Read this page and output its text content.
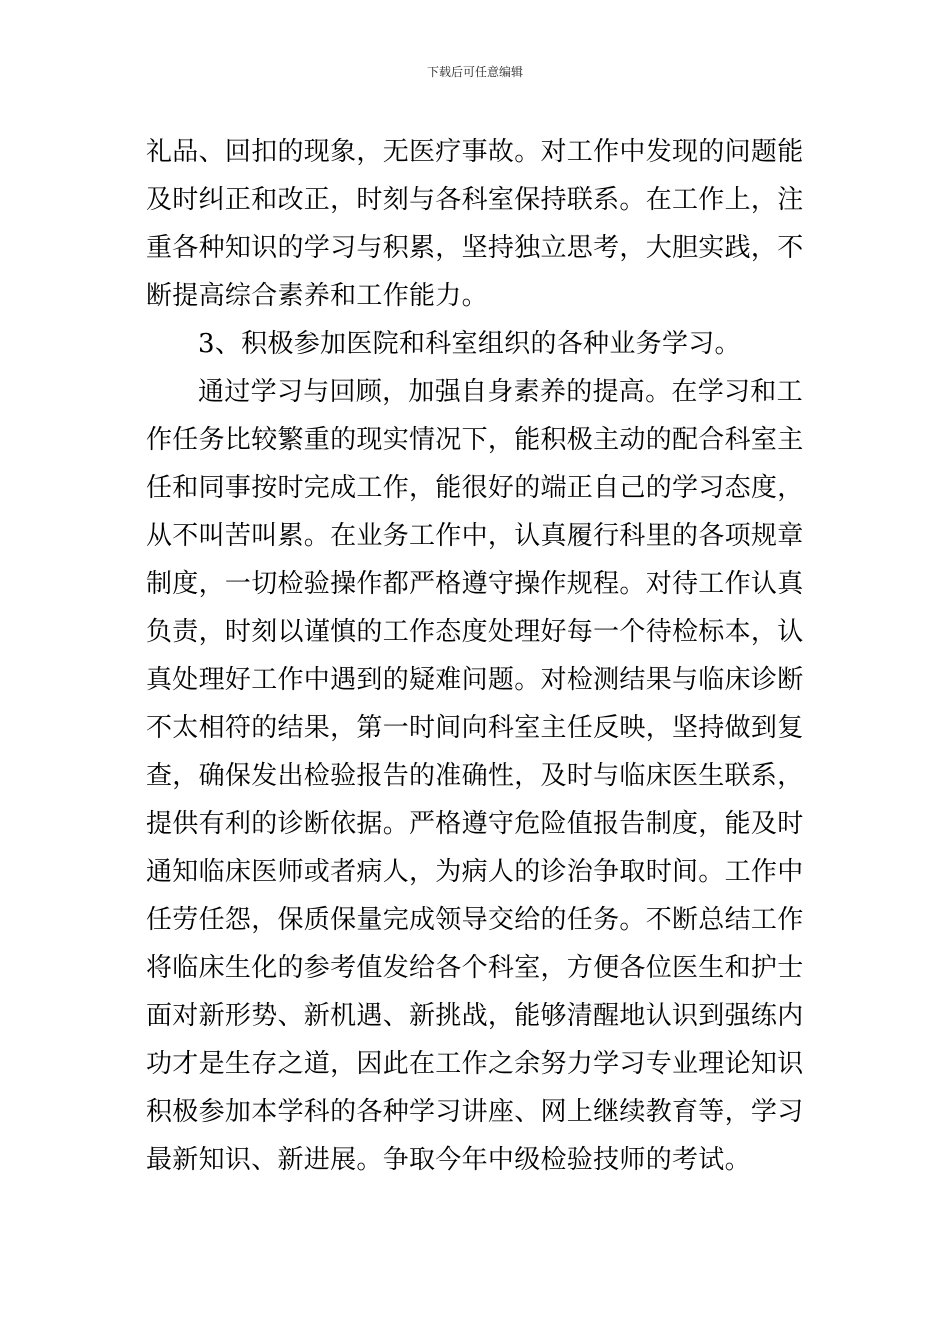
下载后可任意编辑
礼品、回扣的现象，无医疗事故。对工作中发现的问题能
及时纠正和改正，时刻与各科室保持联系。在工作上，注
重各种知识的学习与积累，坚持独立思考，大胆实践，不
断提高综合素养和工作能力。
3、积极参加医院和科室组织的各种业务学习。
通过学习与回顾，加强自身素养的提高。在学习和工
作任务比较繁重的现实情况下，能积极主动的配合科室主
任和同事按时完成工作，能很好的端正自己的学习态度，
从不叫苦叫累。在业务工作中，认真履行科里的各项规章
制度，一切检验操作都严格遵守操作规程。对待工作认真
负责，时刻以谨慎的工作态度处理好每一个待检标本，认
真处理好工作中遇到的疑难问题。对检测结果与临床诊断
不太相符的结果，第一时间向科室主任反映，坚持做到复
查，确保发出检验报告的准确性，及时与临床医生联系，
提供有利的诊断依据。严格遵守危险值报告制度，能及时
通知临床医师或者病人，为病人的诊治争取时间。工作中
任劳任怨，保质保量完成领导交给的任务。不断总结工作
将临床生化的参考值发给各个科室，方便各位医生和护士
面对新形势、新机遇、新挑战，能够清醒地认识到强练内
功才是生存之道，因此在工作之余努力学习专业理论知识
积极参加本学科的各种学习讲座、网上继续教育等，学习
最新知识、新进展。争取今年中级检验技师的考试。
